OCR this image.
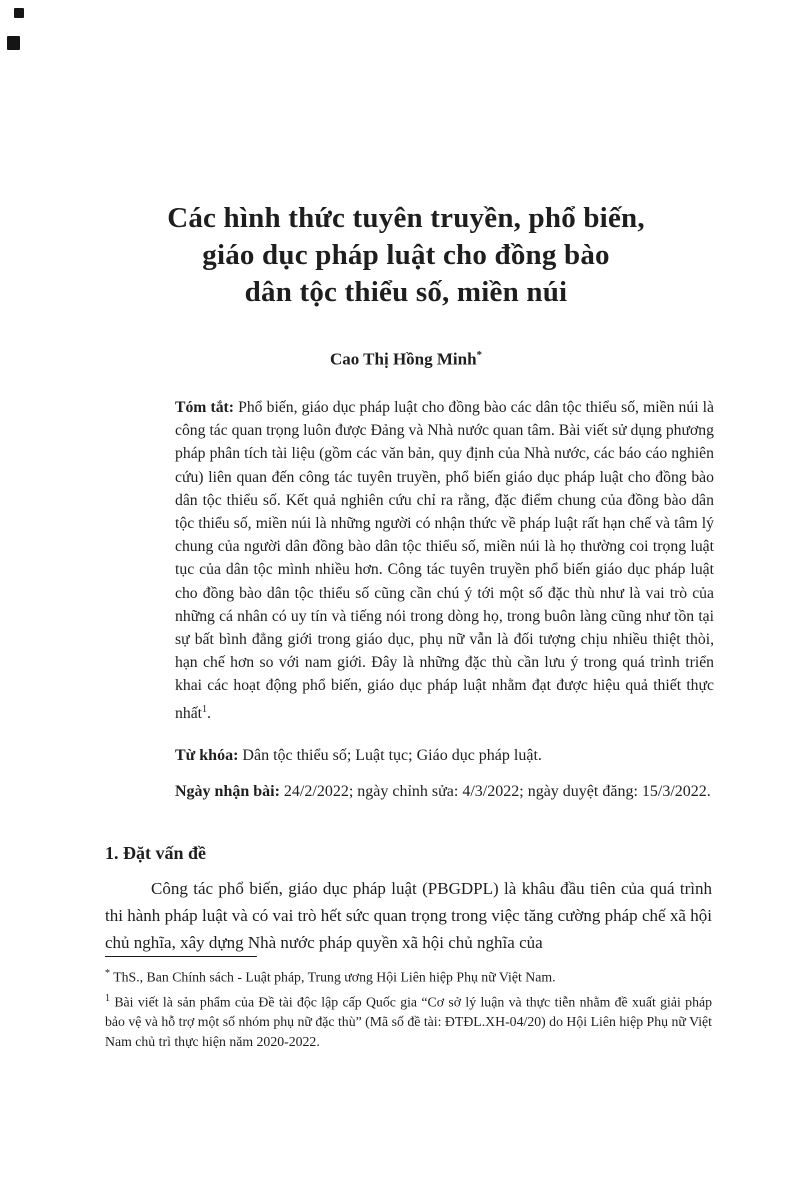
Các hình thức tuyên truyền, phổ biến,
giáo dục pháp luật cho đồng bào
dân tộc thiểu số, miền núi
Cao Thị Hồng Minh*

Tóm tắt: Phổ biến, giáo dục pháp luật cho đồng bào các dân tộc thiểu số, miền núi là công tác quan trọng luôn được Đảng và Nhà nước quan tâm. Bài viết sử dụng phương pháp phân tích tài liệu (gồm các văn bản, quy định của Nhà nước, các báo cáo nghiên cứu) liên quan đến công tác tuyên truyền, phổ biến giáo dục pháp luật cho đồng bào dân tộc thiểu số. Kết quả nghiên cứu chỉ ra rằng, đặc điểm chung của đồng bào dân tộc thiểu số, miền núi là những người có nhận thức về pháp luật rất hạn chế và tâm lý chung của người dân đồng bào dân tộc thiểu số, miền núi là họ thường coi trọng luật tục của dân tộc mình nhiều hơn. Công tác tuyên truyền phổ biến giáo dục pháp luật cho đồng bào dân tộc thiểu số cũng cần chú ý tới một số đặc thù như là vai trò của những cá nhân có uy tín và tiếng nói trong dòng họ, trong buôn làng cũng như tồn tại sự bất bình đẳng giới trong giáo dục, phụ nữ vẫn là đối tượng chịu nhiều thiệt thòi, hạn chế hơn so với nam giới. Đây là những đặc thù cần lưu ý trong quá trình triển khai các hoạt động phổ biến, giáo dục pháp luật nhằm đạt được hiệu quả thiết thực nhất$^1$.

Từ khóa: Dân tộc thiểu số; Luật tục; Giáo dục pháp luật.

Ngày nhận bài: 24/2/2022; ngày chỉnh sửa: 4/3/2022; ngày duyệt đăng: 15/3/2022.

1. Đặt vấn đề

Công tác phổ biến, giáo dục pháp luật (PBGDPL) là khâu đầu tiên của quá trình thi hành pháp luật và có vai trò hết sức quan trọng trong việc tăng cường pháp chế xã hội chủ nghĩa, xây dựng Nhà nước pháp quyền xã hội chủ nghĩa của

* ThS., Ban Chính sách - Luật pháp, Trung ương Hội Liên hiệp Phụ nữ Việt Nam.

$^1$ Bài viết là sản phẩm của Đề tài độc lập cấp Quốc gia “Cơ sở lý luận và thực tiễn nhằm đề xuất giải pháp bảo vệ và hỗ trợ một số nhóm phụ nữ đặc thù” (Mã số đề tài: ĐTĐL.XH-04/20) do Hội Liên hiệp Phụ nữ Việt Nam chủ trì thực hiện năm 2020-2022.
